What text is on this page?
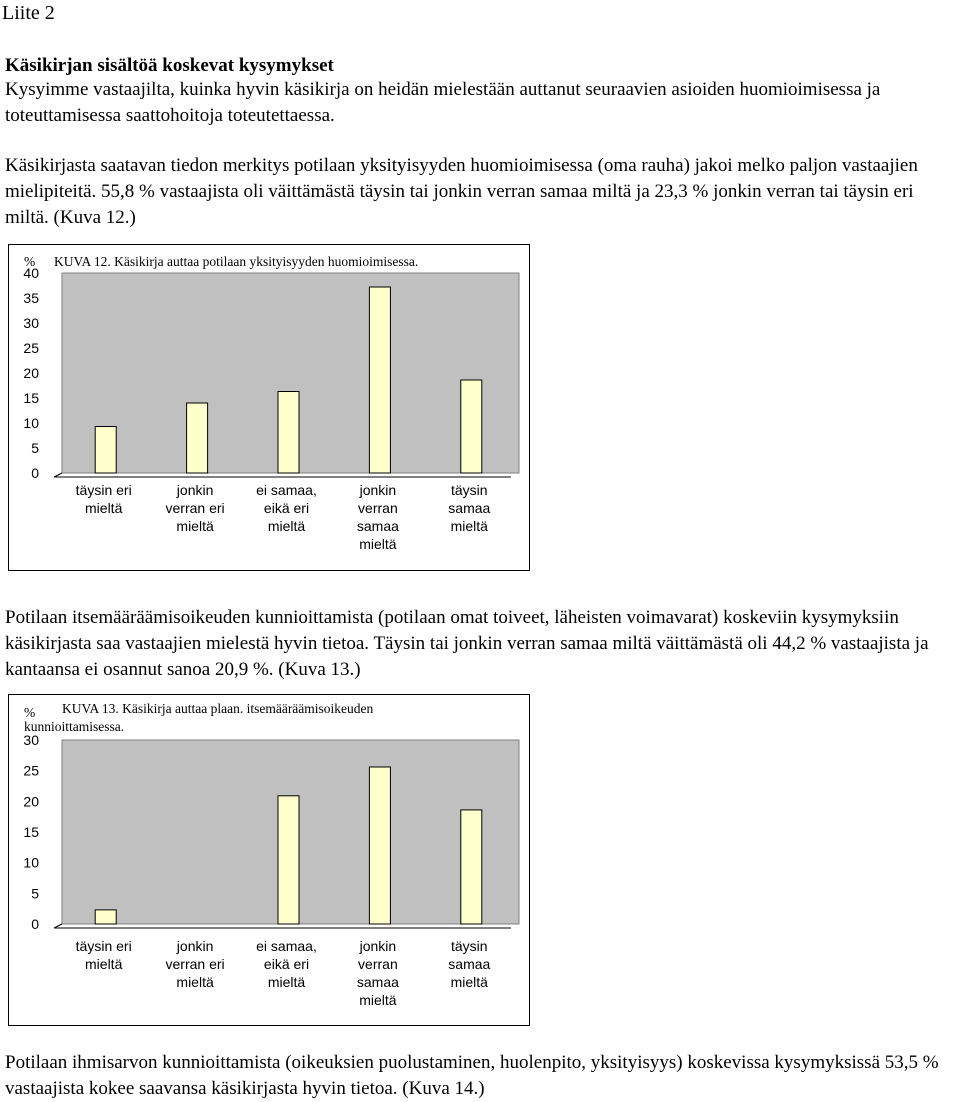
Liite 2
Käsikirjan sisältöä koskevat kysymykset

Kysyimme vastaajilta, kuinka hyvin käsikirja on heidän mielestään auttanut seuraavien asioiden huomioimisessa ja toteuttamisessa saattohoitoja toteutettaessa.

Käsikirjasta saatavan tiedon merkitys potilaan yksityisyyden huomioimisessa (oma rauha) jakoi melko paljon vastaajien mielipiteitä. 55,8 % vastaajista oli väittämästä täysin tai jonkin verran samaa miltä ja 23,3 % jonkin verran tai täysin eri miltä. (Kuva 12.)

% KUVA 12. Käsikirja auttaa potilaan yksityisyyden huomioimisessa.
0
5
10
15
20
25
30
35
40
täysin eri mieltä
jonkin verran eri mieltä
ei samaa, eikä eri mieltä
jonkin verran samaa mieltä
täysin samaa mieltä

Potilaan itsemääräämisoikeuden kunnioittamista (potilaan omat toiveet, läheisten voimavarat) koskeviin kysymyksiin käsikirjasta saa vastaajien mielestä hyvin tietoa. Täysin tai jonkin verran samaa miltä väittämästä oli 44,2 % vastaajista ja kantaansa ei osannut sanoa 20,9 %. (Kuva 13.)

% KUVA 13. Käsikirja auttaa plaan. itsemääräämisoikeuden
kunnioittamisessa.
0
5
10
15
20
25
30
täysin eri mieltä
jonkin verran eri mieltä
ei samaa, eikä eri mieltä
jonkin verran samaa mieltä
täysin samaa mieltä

Potilaan ihmisarvon kunnioittamista (oikeuksien puolustaminen, huolenpito, yksityisyys) koskevissa kysymyksissä 53,5 % vastaajista kokee saavansa käsikirjasta hyvin tietoa. (Kuva 14.)
